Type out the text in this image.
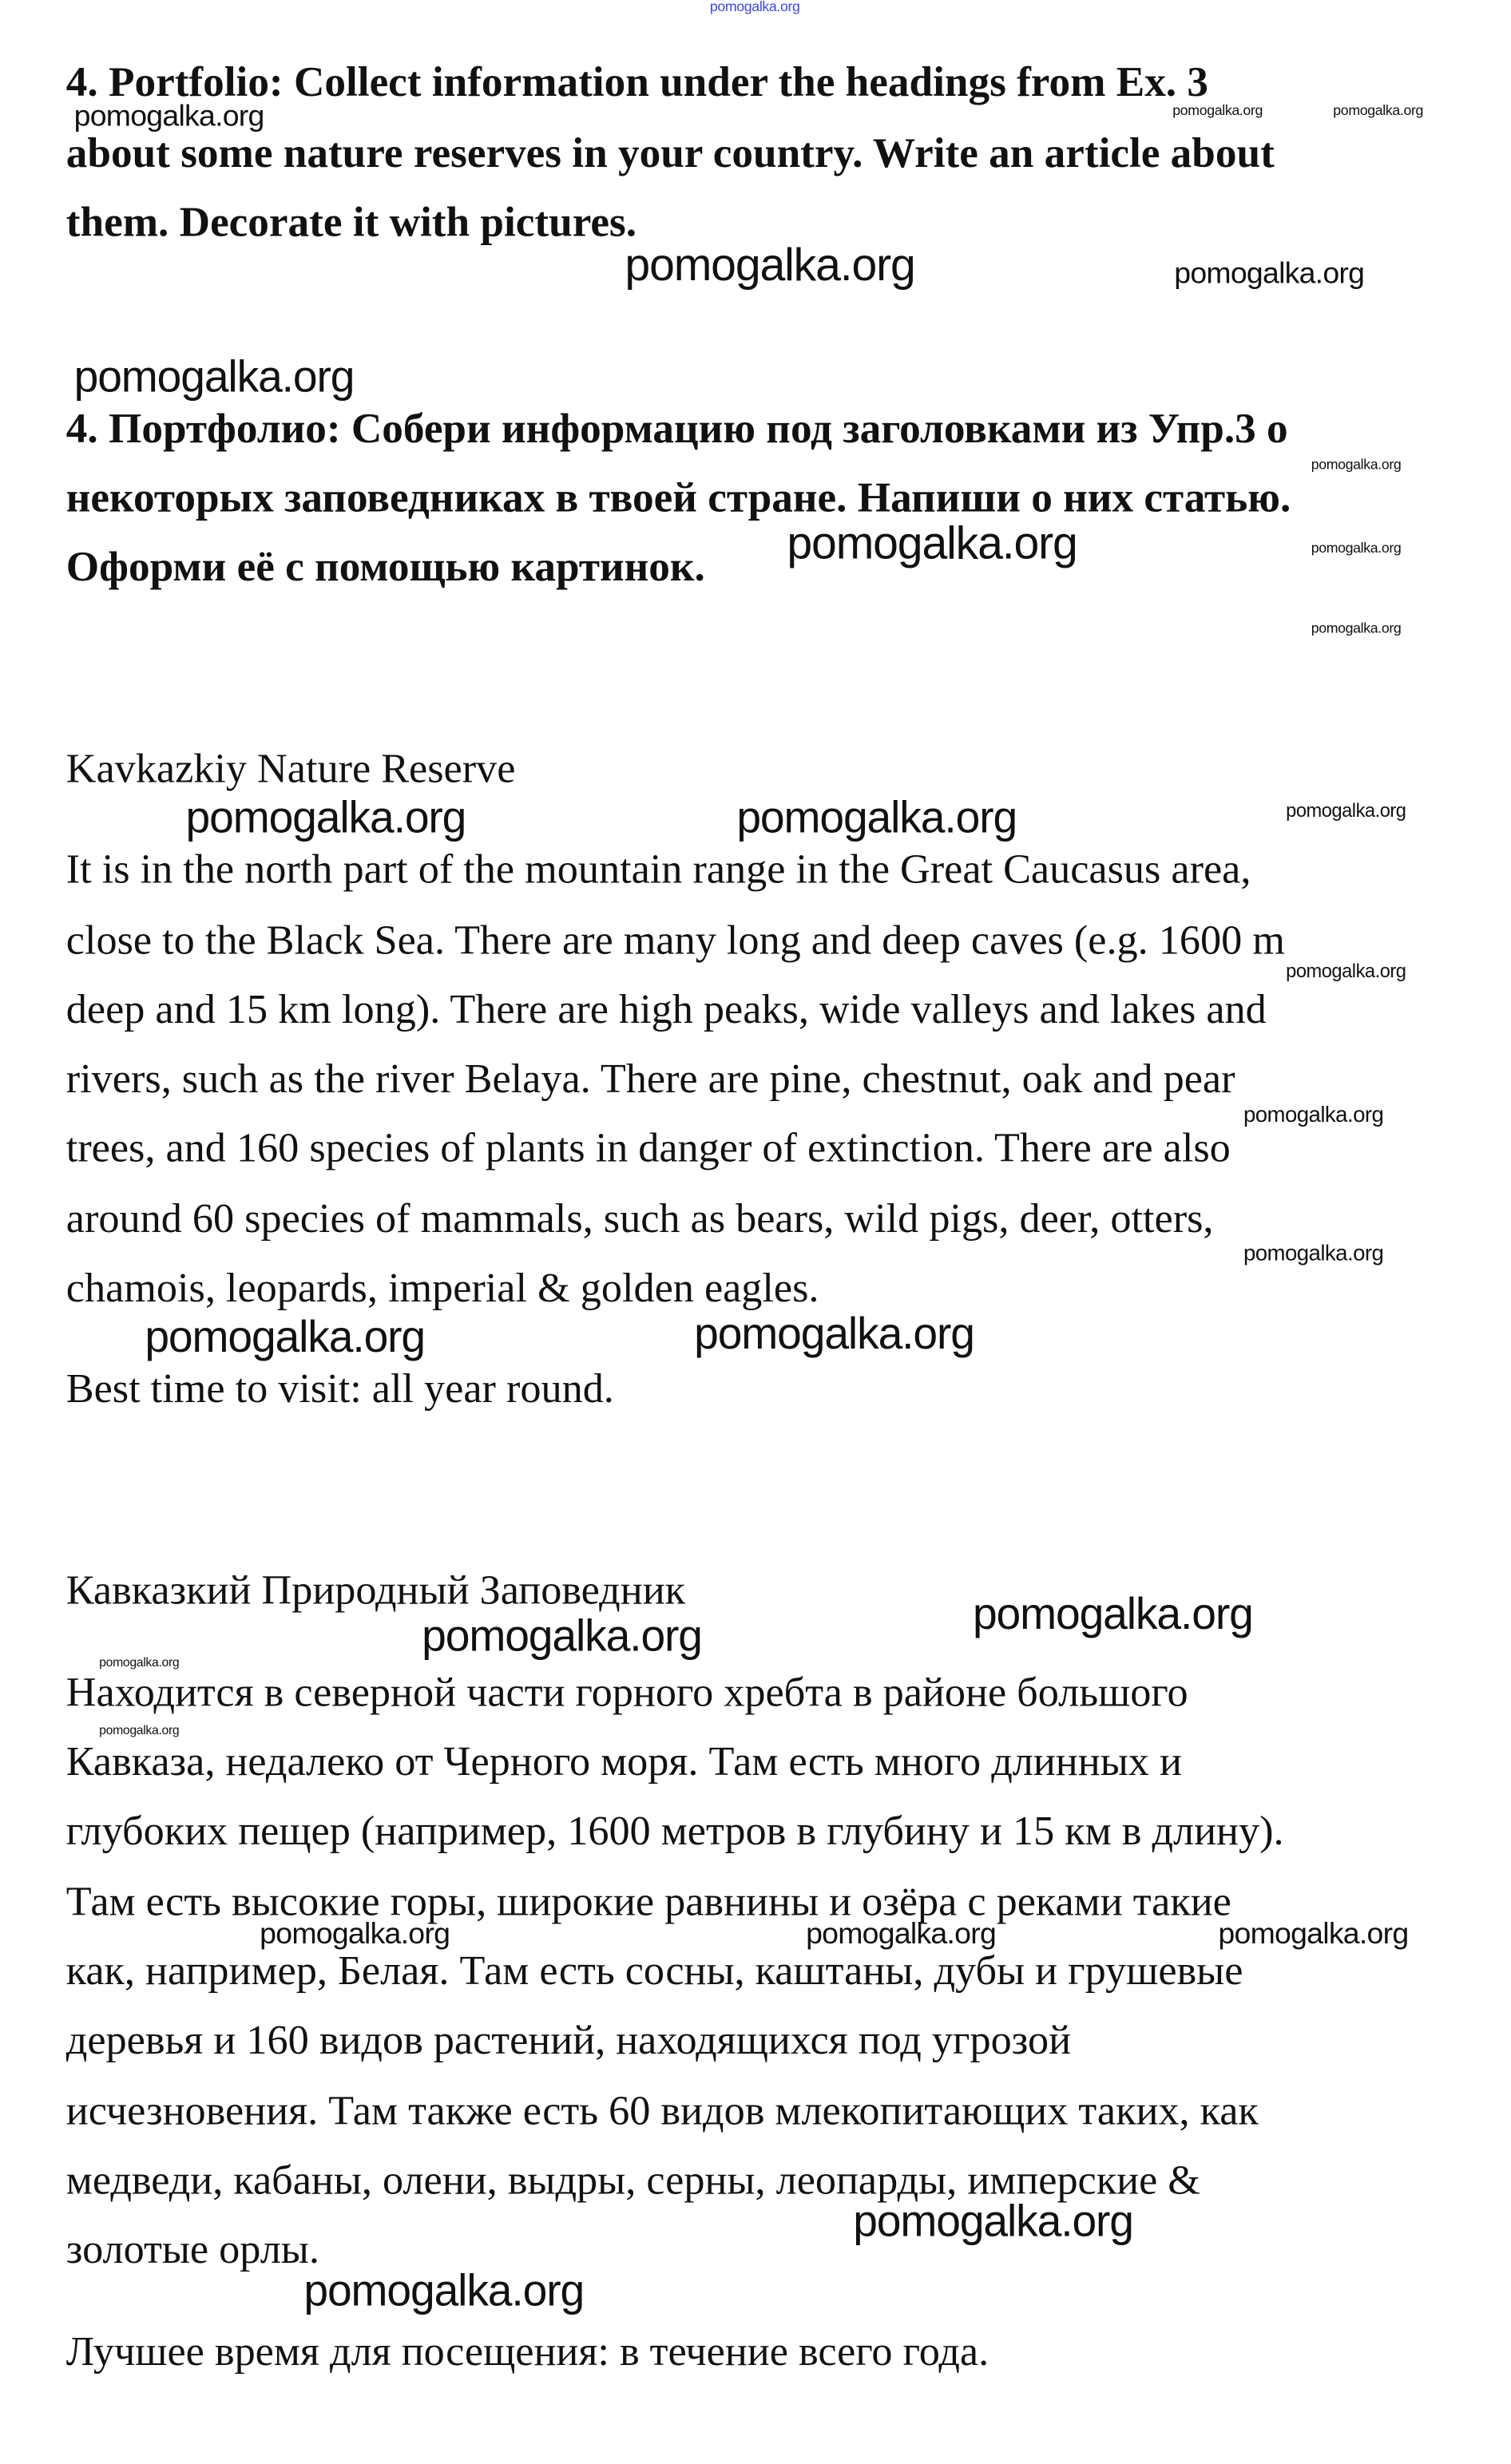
4. Portfolio: Collect information under the headings from Ex. 3
about some nature reserves in your country. Write an article about
them. Decorate it with pictures.
4. Портфолио: Собери информацию под заголовками из Упр.3 о
некоторых заповедниках в твоей стране. Напиши о них статью.
Оформи её с помощью картинок.
Kavkazkiy Nature Reserve
It is in the north part of the mountain range in the Great Caucasus area,
close to the Black Sea. There are many long and deep caves (e.g. 1600 m
deep and 15 km long). There are high peaks, wide valleys and lakes and
rivers, such as the river Belaya. There are pine, chestnut, oak and pear
trees, and 160 species of plants in danger of extinction. There are also
around 60 species of mammals, such as bears, wild pigs, deer, otters,
chamois, leopards, imperial & golden eagles.
Best time to visit: all year round.
Кавказкий Природный Заповедник
Находится в северной части горного хребта в районе большого
Кавказа, недалеко от Черного моря. Там есть много длинных и
глубоких пещер (например, 1600 метров в глубину и 15 км в длину).
Там есть высокие горы, широкие равнины и озёра с реками такие
как, например, Белая. Там есть сосны, каштаны, дубы и грушевые
деревья и 160 видов растений, находящихся под угрозой
исчезновения. Там также есть 60 видов млекопитающих таких, как
медведи, кабаны, олени, выдры, серны, леопарды, имперские &
золотые орлы.
Лучшее время для посещения: в течение всего года.
pomogalka.org
pomogalka.org	pomogalka.org	pomogalka.org
pomogalka.org	pomogalka.org
pomogalka.org
pomogalka.org
pomogalka.org	pomogalka.org
pomogalka.org
pomogalka.org	pomogalka.org	pomogalka.org
pomogalka.org
pomogalka.org
pomogalka.org
pomogalka.org	pomogalka.org
pomogalka.org	pomogalka.org
pomogalka.org
pomogalka.org
pomogalka.org	pomogalka.org	pomogalka.org
pomogalka.org
pomogalka.org
